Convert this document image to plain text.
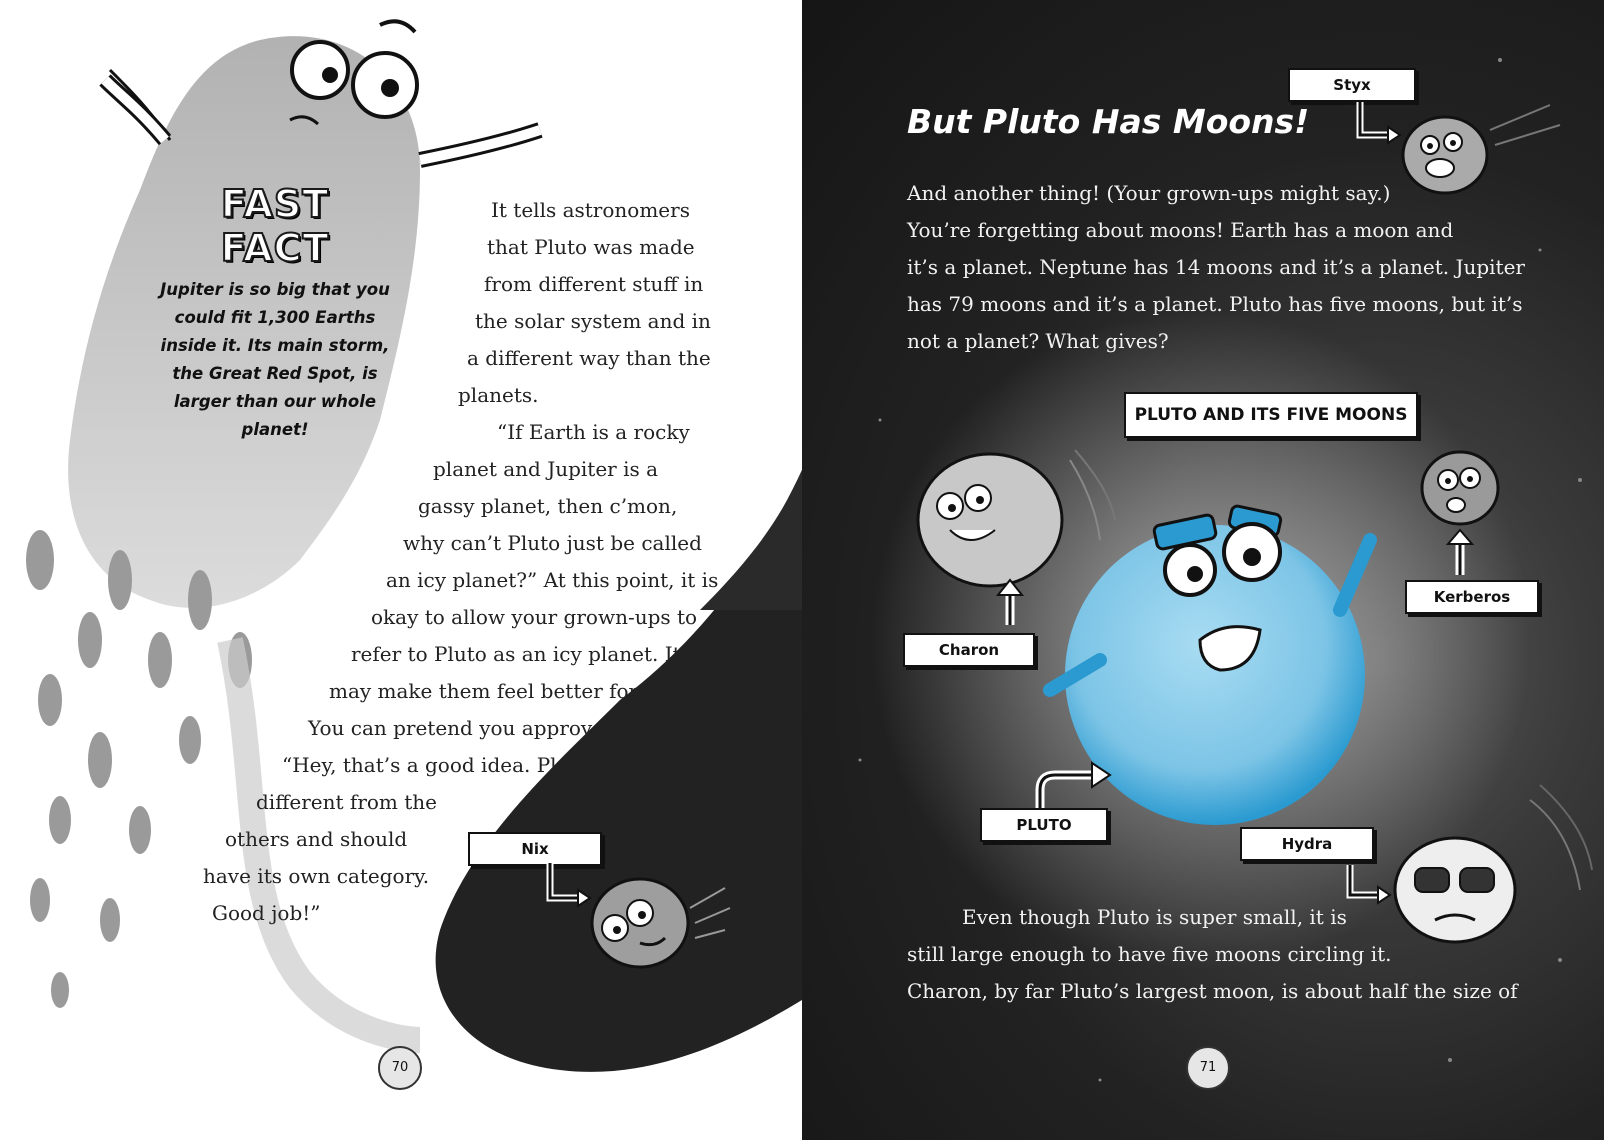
FAST FACT

Jupiter is so big that you could fit 1,300 Earths inside it. Its main storm, the Great Red Spot, is larger than our whole planet!

It tells astronomers
that Pluto was made
from different stuff in
the solar system and in
a different way than the
planets.
“If Earth is a rocky
planet and Jupiter is a
gassy planet, then c’mon,
why can’t Pluto just be called
an icy planet?” At this point, it is
okay to allow your grown-ups to
refer to Pluto as an icy planet. It
may make them feel better for now.
You can pretend you approve by saying,
“Hey, that’s a good idea. Pluto is really
different from the
others and should
have its own category.
Good job!”
Nix
70
But Pluto Has Moons!
And another thing! (Your grown-ups might say.)
You’re forgetting about moons! Earth has a moon and
it’s a planet. Neptune has 14 moons and it’s a planet. Jupiter
has 79 moons and it’s a planet. Pluto has five moons, but it’s
not a planet? What gives?
Styx
PLUTO AND ITS FIVE MOONS
Charon
Kerberos
PLUTO
Hydra
Even though Pluto is super small, it is
still large enough to have five moons circling it.
Charon, by far Pluto’s largest moon, is about half the size of
71
